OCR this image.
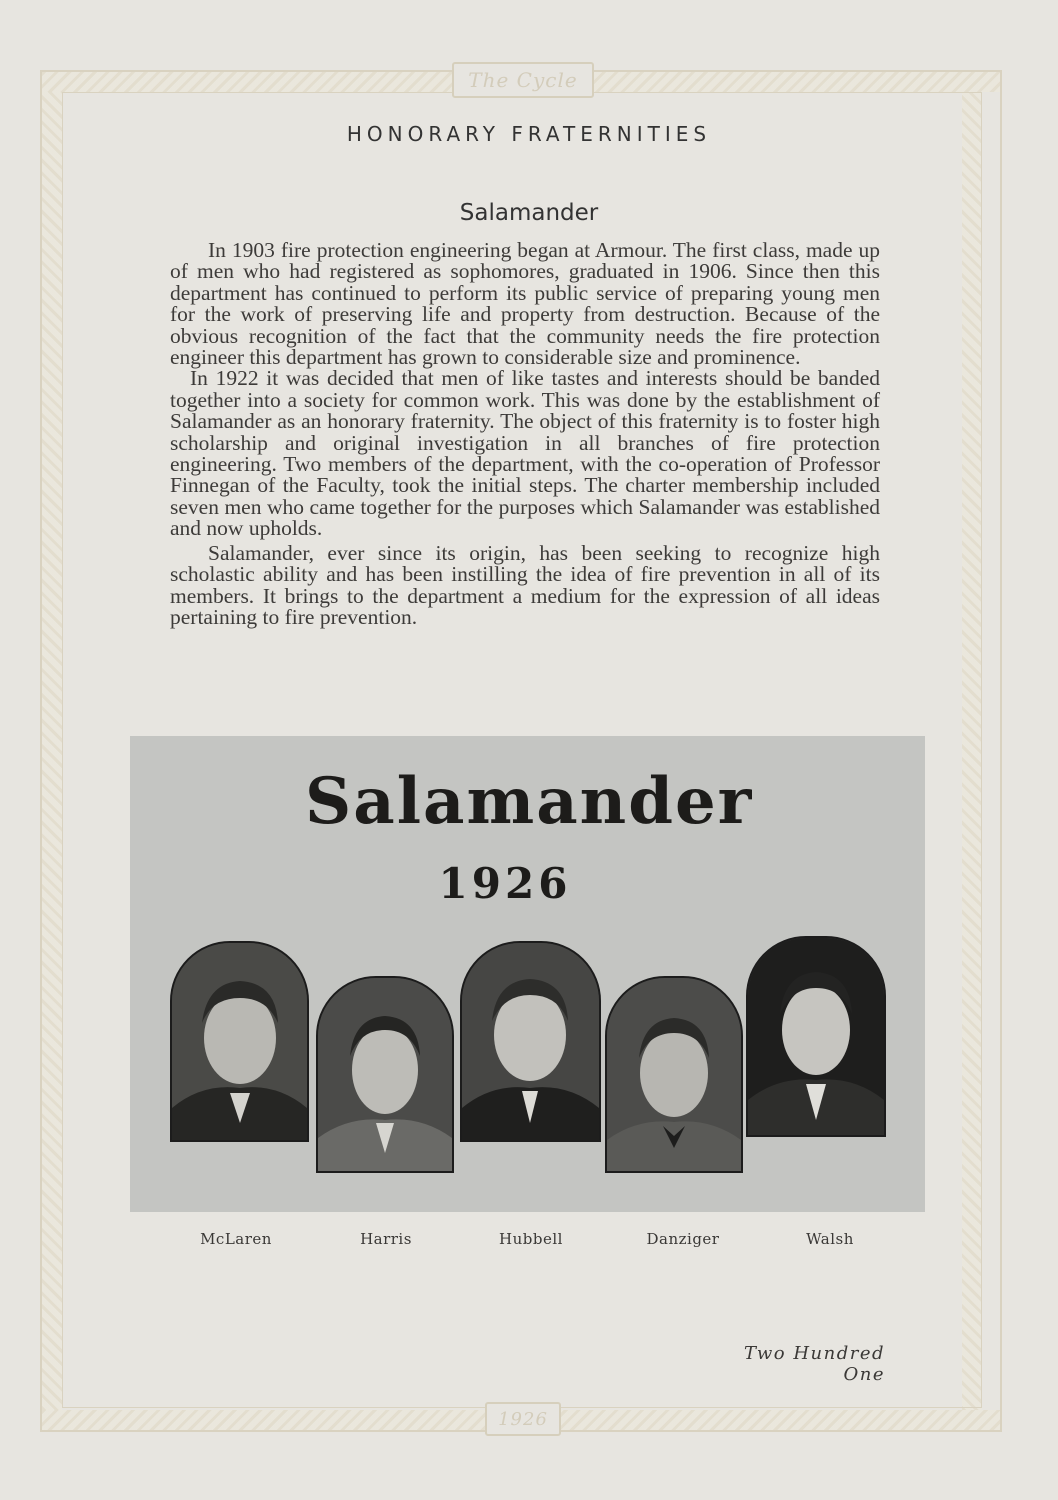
The Cycle
1926
HONORARY FRATERNITIES
Salamander

In 1903 fire protection engineering began at Armour. The first class, made up of men who had registered as sophomores, graduated in 1906. Since then this department has continued to perform its public service of preparing young men for the work of preserving life and property from destruction. Because of the obvious recognition of the fact that the community needs the fire protection engineer this department has grown to considerable size and prominence.

In 1922 it was decided that men of like tastes and interests should be banded together into a society for common work. This was done by the establishment of Salamander as an honorary fraternity. The object of this fraternity is to foster high scholarship and original investigation in all branches of fire protection engineering. Two members of the department, with the co-operation of Professor Finnegan of the Faculty, took the initial steps. The charter membership included seven men who came together for the purposes which Salamander was established and now upholds.

Salamander, ever since its origin, has been seeking to recognize high scholastic ability and has been instilling the idea of fire prevention in all of its members. It brings to the department a medium for the expression of all ideas pertaining to fire prevention.

Salamander
1926
McLaren	Harris	Hubbell	Danziger	Walsh
Two Hundred One
